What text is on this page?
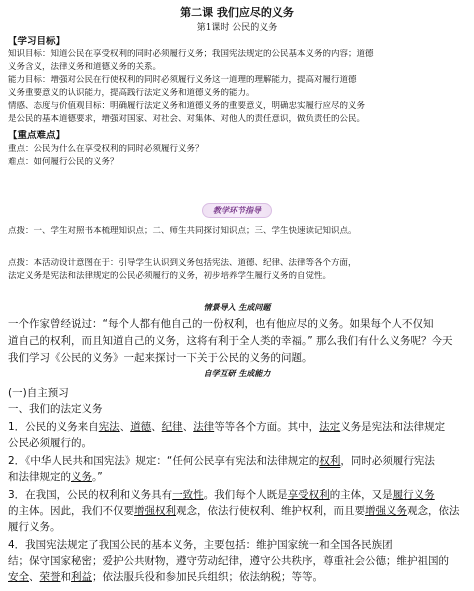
第二课 我们应尽的义务
第1课时 公民的义务
【学习目标】
知识目标：知道公民在享受权利的同时必须履行义务；我国宪法规定的公民基本义务的内容；道德
义务含义，法律义务和道德义务的关系。
能力目标：增强对公民在行使权利的同时必须履行义务这一道理的理解能力，提高对履行道德
义务重要意义的认识能力，提高践行法定义务和道德义务的能力。
情感、态度与价值观目标：明确履行法定义务和道德义务的重要意义，明确忠实履行应尽的义务
是公民的基本道德要求，增强对国家、对社会、对集体、对他人的责任意识，做负责任的公民。
【重点难点】
重点：公民为什么在享受权利的同时必须履行义务？
难点：如何履行公民的义务？
教学环节指导
点拨：一、学生对照书本梳理知识点；二、师生共同探讨知识点；三、学生快速读记知识点。
点拨：本活动设计意图在于：引导学生认识到义务包括宪法、道德、纪律、法律等各个方面，
法定义务是宪法和法律规定的公民必须履行的义务，初步培养学生履行义务的自觉性。
情景导入 生成问题
一个作家曾经说过：“每个人都有他自己的一份权利，也有他应尽的义务。如果每个人不仅知
道自己的权利，而且知道自己的义务，这将有利于全人类的幸福。” 那么我们有什么义务呢？今天
我们学习《公民的义务》一起来探讨一下关于公民的义务的问题。
自学互研 生成能力
(一)自主预习
一、我们的法定义务
1．公民的义务来自宪法、道德、纪律、法律等等各个方面。其中，法定义务是宪法和法律规定
公民必须履行的。
2．《中华人民共和国宪法》规定：“任何公民享有宪法和法律规定的权利，同时必须履行宪法
和法律规定的义务。”
3．在我国，公民的权利和义务具有一致性。我们每个人既是享受权利的主体，又是履行义务
的主体。因此，我们不仅要增强权利观念，依法行使权利、维护权利，而且要增强义务观念，依法
履行义务。
4．我国宪法规定了我国公民的基本义务，主要包括：维护国家统一和全国各民族团
结；保守国家秘密；爱护公共财物，遵守劳动纪律，遵守公共秩序，尊重社会公德；维护祖国的
安全、荣誉和利益；依法服兵役和参加民兵组织；依法纳税；等等。
